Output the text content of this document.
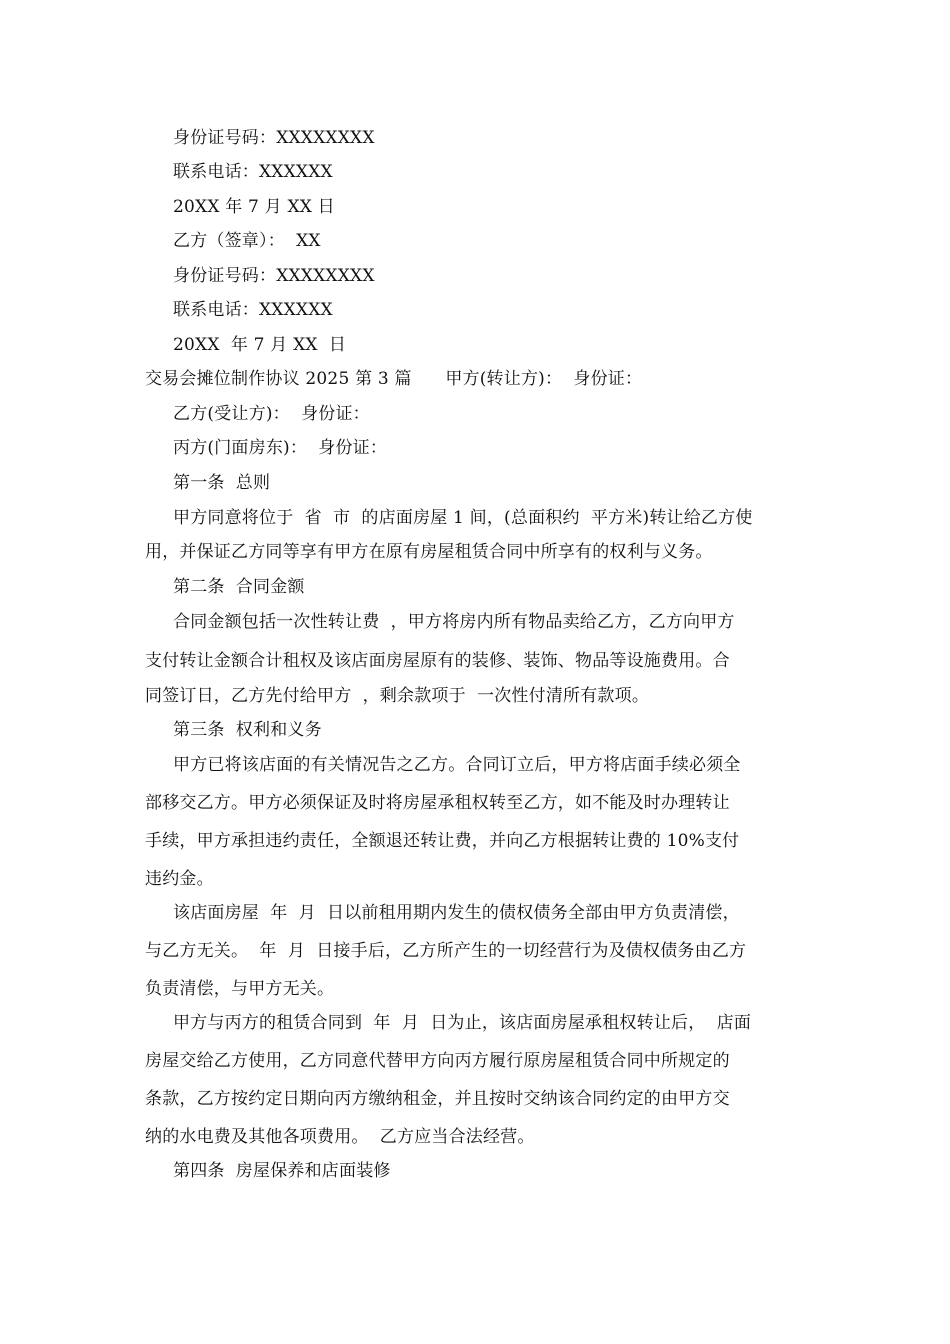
身份证号码：XXXXXXXX
联系电话：XXXXXX
20XX 年 7 月 XX 日
乙方（签章）：  XX
身份证号码：XXXXXXXX
联系电话：XXXXXX
20XX  年 7 月 XX  日
交易会摊位制作协议 2025 第 3 篇      甲方(转让方)：  身份证：
乙方(受让方)：  身份证：
丙方(门面房东)：  身份证：
第一条  总则
甲方同意将位于  省  市  的店面房屋 1 间，(总面积约  平方米)转让给乙方使
用，并保证乙方同等享有甲方在原有房屋租赁合同中所享有的权利与义务。
第二条  合同金额
合同金额包括一次性转让费  ，甲方将房内所有物品卖给乙方，乙方向甲方
支付转让金额合计租权及该店面房屋原有的装修、装饰、物品等设施费用。合
同签订日，乙方先付给甲方  ，剩余款项于  一次性付清所有款项。
第三条  权利和义务
甲方已将该店面的有关情况告之乙方。合同订立后，甲方将店面手续必须全
部移交乙方。甲方必须保证及时将房屋承租权转至乙方，如不能及时办理转让
手续，甲方承担违约责任，全额退还转让费，并向乙方根据转让费的 10%支付
违约金。
该店面房屋  年  月  日以前租用期内发生的债权债务全部由甲方负责清偿，
与乙方无关。  年  月  日接手后，乙方所产生的一切经营行为及债权债务由乙方
负责清偿，与甲方无关。
甲方与丙方的租赁合同到  年  月  日为止，该店面房屋承租权转让后，  店面
房屋交给乙方使用，乙方同意代替甲方向丙方履行原房屋租赁合同中所规定的
条款，乙方按约定日期向丙方缴纳租金，并且按时交纳该合同约定的由甲方交
纳的水电费及其他各项费用。  乙方应当合法经营。
第四条  房屋保养和店面装修
